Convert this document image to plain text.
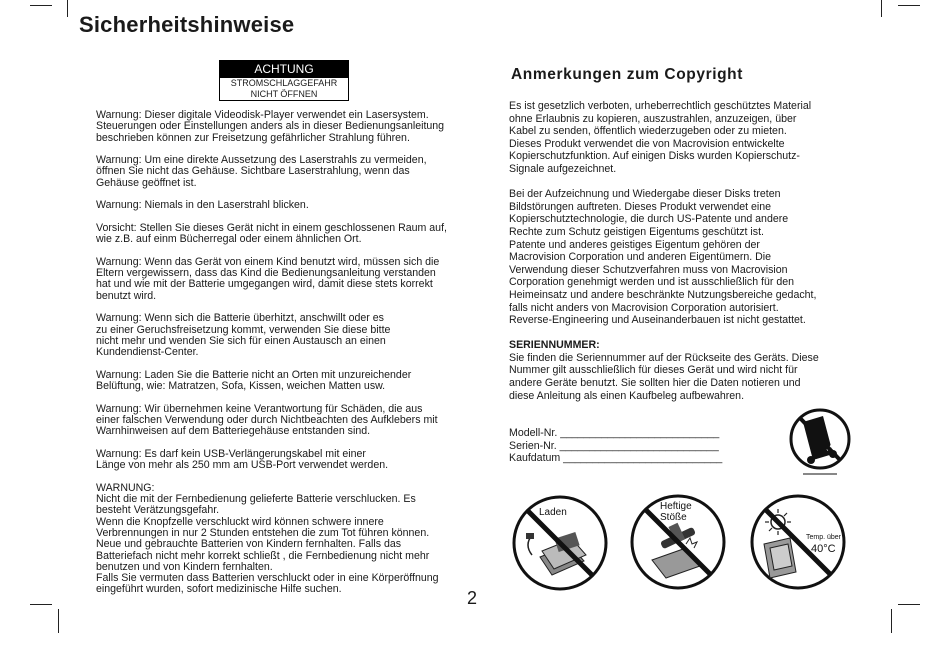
Sicherheitshinweise
ACHTUNG
STROMSCHLAGGEFAHR
NICHT ÖFFNEN

Warnung: Dieser digitale Videodisk-Player verwendet ein Lasersystem.
Steuerungen oder Einstellungen anders als in dieser Bedienungsanleitung
beschrieben können zur Freisetzung gefährlicher Strahlung führen.

Warnung: Um eine direkte Aussetzung des Laserstrahls zu vermeiden,
öffnen Sie nicht das Gehäuse. Sichtbare Laserstrahlung, wenn das
Gehäuse geöffnet ist.

Warnung: Niemals in den Laserstrahl blicken.

Vorsicht: Stellen Sie dieses Gerät nicht in einem geschlossenen Raum auf,
wie z.B. auf einm Bücherregal oder einem ähnlichen Ort.

Warnung: Wenn das Gerät von einem Kind benutzt wird, müssen sich die
Eltern vergewissern, dass das Kind die Bedienungsanleitung verstanden
hat und wie mit der Batterie umgegangen wird, damit diese stets korrekt
benutzt wird.

Warnung: Wenn sich die Batterie überhitzt, anschwillt oder es
zu einer Geruchsfreisetzung kommt, verwenden Sie diese bitte
nicht mehr und wenden Sie sich für einen Austausch an einen
Kundendienst-Center.

Warnung: Laden Sie die Batterie nicht an Orten mit unzureichender
Belüftung, wie: Matratzen, Sofa, Kissen, weichen Matten usw.

Warnung: Wir übernehmen keine Verantwortung für Schäden, die aus
einer falschen Verwendung oder durch Nichtbeachten des Aufklebers mit
Warnhinweisen auf dem Batteriegehäuse entstanden sind.

Warnung: Es darf kein USB-Verlängerungskabel mit einer
Länge von mehr als 250 mm am USB-Port verwendet werden.

WARNUNG:
Nicht die mit der Fernbedienung gelieferte Batterie verschlucken. Es
besteht Verätzungsgefahr.
Wenn die Knopfzelle verschluckt wird können schwere innere
Verbrennungen in nur 2 Stunden entstehen die zum Tot führen können.
Neue und gebrauchte Batterien von Kindern fernhalten. Falls das
Batteriefach nicht mehr korrekt schließt , die Fernbedienung nicht mehr
benutzen und von Kindern fernhalten.
Falls Sie vermuten dass Batterien verschluckt oder in eine Körperöffnung
eingeführt wurden, sofort medizinische Hilfe suchen.

Anmerkungen zum Copyright

Es ist gesetzlich verboten, urheberrechtlich geschütztes Material
ohne Erlaubnis zu kopieren, auszustrahlen, anzuzeigen, über
Kabel zu senden, öffentlich wiederzugeben oder zu mieten.
Dieses Produkt verwendet die von Macrovision entwickelte
Kopierschutzfunktion. Auf einigen Disks wurden Kopierschutz-
Signale aufgezeichnet.

Bei der Aufzeichnung und Wiedergabe dieser Disks treten
Bildstörungen auftreten. Dieses Produkt verwendet eine
Kopierschutztechnologie, die durch US-Patente und andere
Rechte zum Schutz geistigen Eigentums geschützt ist.
Patente und anderes geistiges Eigentum gehören der
Macrovision Corporation und anderen Eigentümern. Die
Verwendung dieser Schutzverfahren muss von Macrovision
Corporation genehmigt werden und ist ausschließlich für den
Heimeinsatz und andere beschränkte Nutzungsbereiche gedacht,
falls nicht anders von Macrovision Corporation autorisiert.
Reverse-Engineering und Auseinanderbauen ist nicht gestattet.

SERIENNUMMER:

Sie finden die Seriennummer auf der Rückseite des Geräts. Diese
Nummer gilt ausschließlich für dieses Gerät und wird nicht für
andere Geräte benutzt. Sie sollten hier die Daten notieren und
diese Anleitung als einen Kaufbeleg aufbewahren.

Modell-Nr. ___________________________
Serien-Nr. ___________________________
Kaufdatum ___________________________
Laden
Heftige
Stöße
Temp. über
40°C
2
